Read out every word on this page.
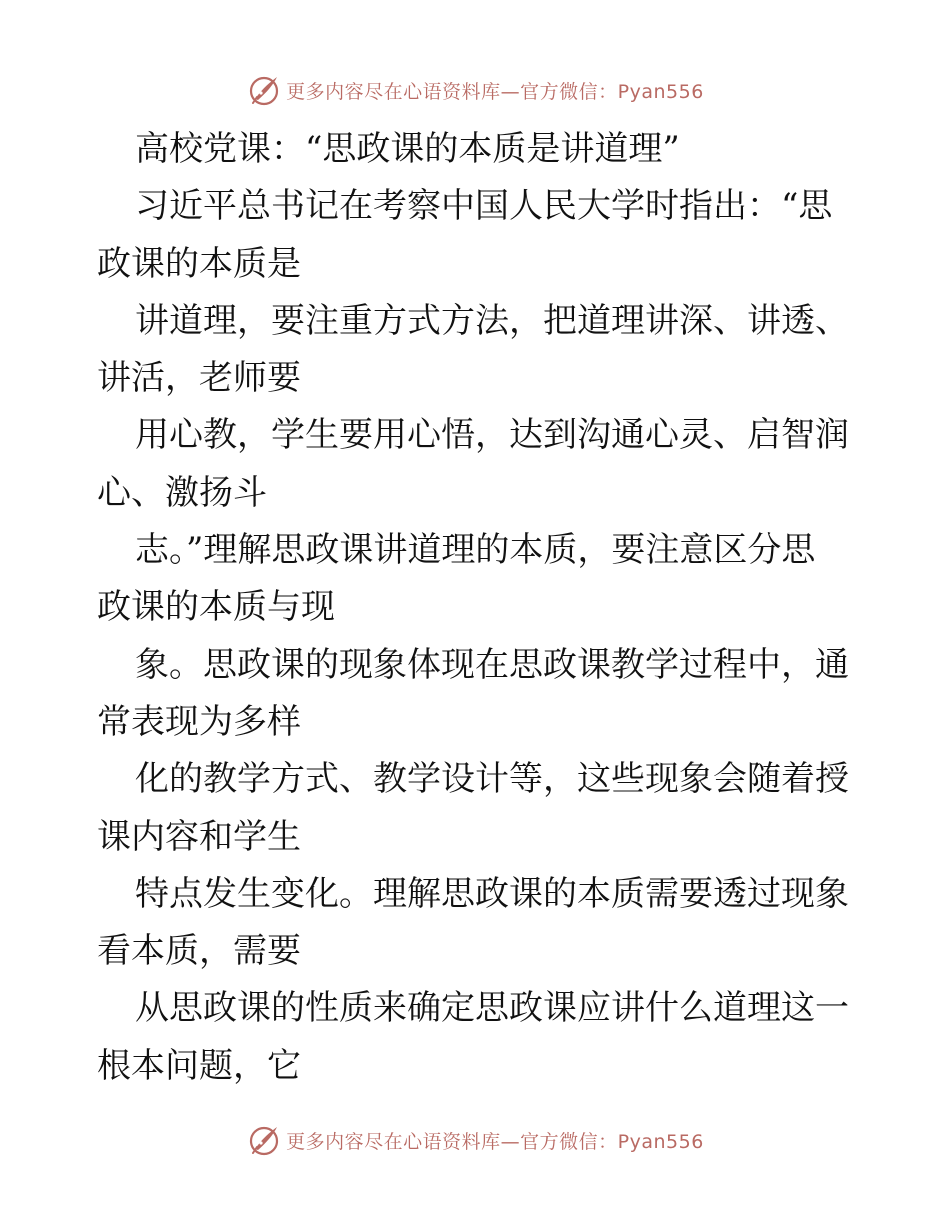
更多内容尽在心语资料库—官方微信：Pyan556
高校党课：“思政课的本质是讲道理”
习近平总书记在考察中国人民大学时指出：“思
政课的本质是
讲道理，要注重方式方法，把道理讲深、讲透、
讲活，老师要
用心教，学生要用心悟，达到沟通心灵、启智润
心、激扬斗
志。”理解思政课讲道理的本质，要注意区分思
政课的本质与现
象。思政课的现象体现在思政课教学过程中，通
常表现为多样
化的教学方式、教学设计等，这些现象会随着授
课内容和学生
特点发生变化。理解思政课的本质需要透过现象
看本质，需要
从思政课的性质来确定思政课应讲什么道理这一
根本问题，它
更多内容尽在心语资料库—官方微信：Pyan556
